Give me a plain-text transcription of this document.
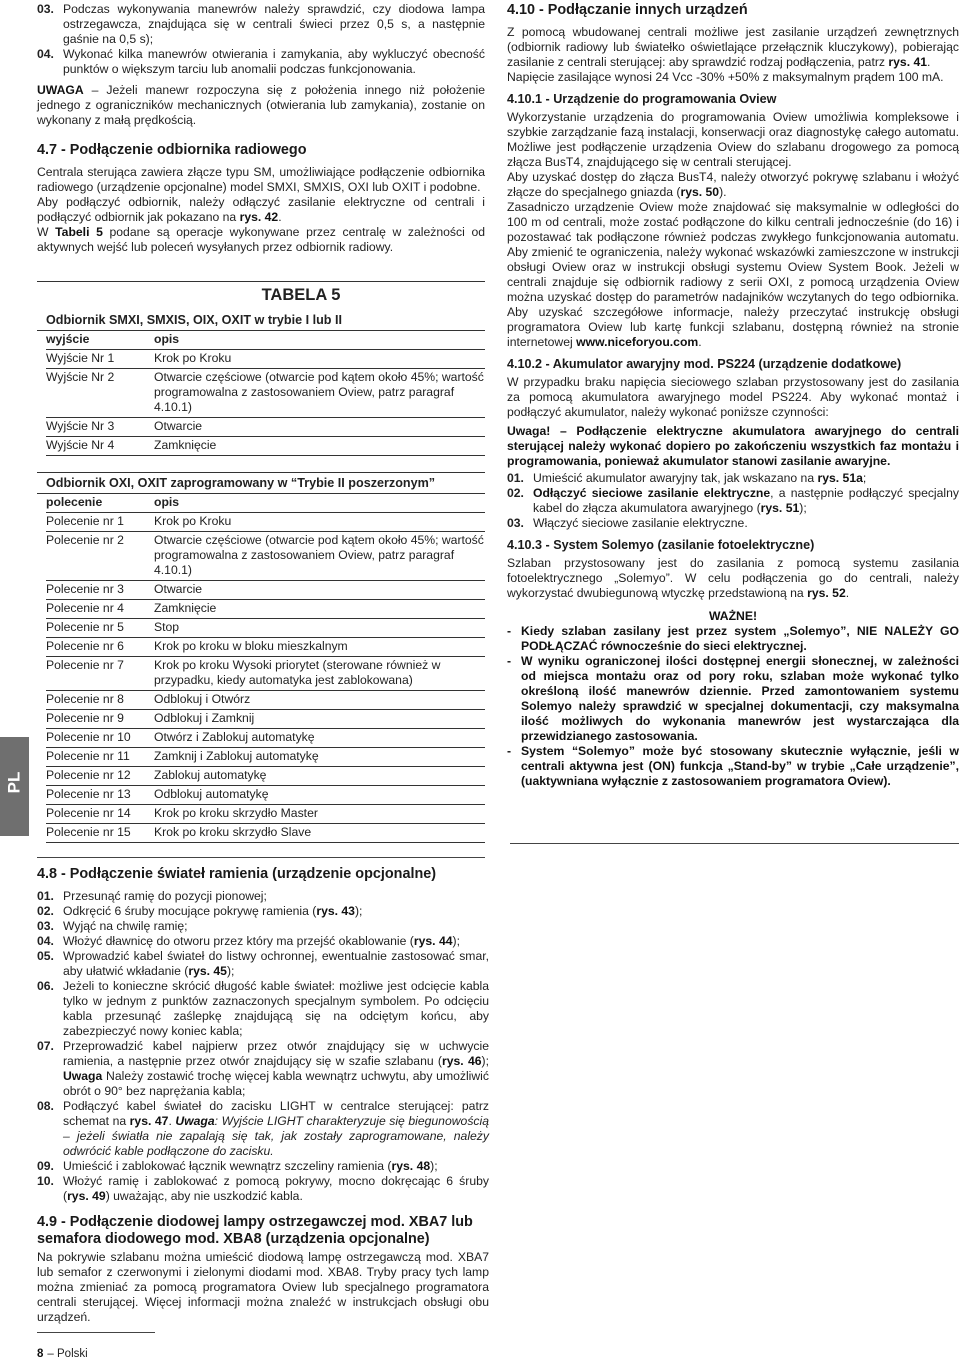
PL
03. Podczas wykonywania manewrów należy sprawdzić, czy diodowa lampa ostrzegawcza, znajdująca się w centrali świeci przez 0,5 s, a następnie gaśnie na 0,5 s);
04. Wykonać kilka manewrów otwierania i zamykania, aby wykluczyć obecność punktów o większym tarciu lub anomalii podczas funkcjonowania.

UWAGA – Jeżeli manewr rozpoczyna się z położenia innego niż położenie jednego z ograniczników mechanicznych (otwierania lub zamykania), zostanie on wykonany z małą prędkością.

4.7 - Podłączenie odbiornika radiowego

Centrala sterująca zawiera złącze typu SM, umożliwiające podłączenie odbiornika radiowego (urządzenie opcjonalne) model SMXI, SMXIS, OXI lub OXIT i podobne.

Aby podłączyć odbiornik, należy odłączyć zasilanie elektryczne od centrali i podłączyć odbiornik jak pokazano na rys. 42.

W Tabeli 5 podane są operacje wykonywane przez centralę w zależności od aktywnych wejść lub poleceń wysyłanych przez odbiornik radiowy.

TABELA 5
Odbiornik SMXI, SMXIS, OIX, OXIT w trybie I lub II
wyjście	opis
Wyjście Nr 1	Krok po Kroku
Wyjście Nr 2	Otwarcie częściowe (otwarcie pod kątem około 45%; wartość programowalna z zastosowaniem Oview, patrz paragraf 4.10.1)
Wyjście Nr 3	Otwarcie
Wyjście Nr 4	Zamknięcie
Odbiornik OXI, OXIT zaprogramowany w “Trybie II poszerzonym”
polecenie	opis
Polecenie nr 1	Krok po Kroku
Polecenie nr 2	Otwarcie częściowe (otwarcie pod kątem około 45%; wartość programowalna z zastosowaniem Oview, patrz paragraf 4.10.1)
Polecenie nr 3	Otwarcie
Polecenie nr 4	Zamknięcie
Polecenie nr 5	Stop
Polecenie nr 6	Krok po kroku w bloku mieszkalnym
Polecenie nr 7	Krok po kroku Wysoki priorytet (sterowane również w przypadku, kiedy automatyka jest zablokowana)
Polecenie nr 8	Odblokuj i Otwórz
Polecenie nr 9	Odblokuj i Zamknij
Polecenie nr 10	Otwórz i Zablokuj automatykę
Polecenie nr 11	Zamknij i Zablokuj automatykę
Polecenie nr 12	Zablokuj automatykę
Polecenie nr 13	Odblokuj automatykę
Polecenie nr 14	Krok po kroku skrzydło Master
Polecenie nr 15	Krok po kroku skrzydło Slave
4.10 - Podłączanie innych urządzeń

Z pomocą wbudowanej centrali możliwe jest zasilanie urządzeń zewnętrznych (odbiornik radiowy lub światełko oświetlające przełącznik kluczykowy), pobierając zasilanie z centrali sterującej: aby sprawdzić rodzaj podłączenia, patrz rys. 41.

Napięcie zasilające wynosi 24 Vcc -30% +50% z maksymalnym prądem 100 mA.

4.10.1 - Urządzenie do programowania Oview

Wykorzystanie urządzenia do programowania Oview umożliwia kompleksowe i szybkie zarządzanie fazą instalacji, konserwacji oraz diagnostykę całego automatu. Możliwe jest podłączenie urządzenia Oview do szlabanu drogowego za pomocą złącza BusT4, znajdującego się w centrali sterującej.

Aby uzyskać dostęp do złącza BusT4, należy otworzyć pokrywę szlabanu i włożyć złącze do specjalnego gniazda (rys. 50).

Zasadniczo urządzenie Oview może znajdować się maksymalnie w odległości do 100 m od centrali, może zostać podłączone do kilku centrali jednocześnie (do 16) i pozostawać tak podłączone również podczas zwykłego funkcjonowania automatu. Aby zmienić te ograniczenia, należy wykonać wskazówki zamieszczone w instrukcji obsługi Oview oraz w instrukcji obsługi systemu Oview System Book. Jeżeli w centrali znajduje się odbiornik radiowy z serii OXI, z pomocą urządzenia Oview można uzyskać dostęp do parametrów nadajników wczytanych do tego odbiornika. Aby uzyskać szczegółowe informacje, należy przeczytać instrukcję obsługi programatora Oview lub kartę funkcji szlabanu, dostępną również na stronie internetowej www.niceforyou.com.

4.10.2 - Akumulator awaryjny mod. PS224 (urządzenie dodatkowe)

W przypadku braku napięcia sieciowego szlaban przystosowany jest do zasilania za pomocą akumulatora awaryjnego model PS224. Aby wykonać montaż i podłączyć akumulator, należy wykonać poniższe czynności:

Uwaga! – Podłączenie elektryczne akumulatora awaryjnego do centrali sterującej należy wykonać dopiero po zakończeniu wszystkich faz montażu i programowania, ponieważ akumulator stanowi zasilanie awaryjne.

01. Umieścić akumulator awaryjny tak, jak wskazano na rys. 51a;
02. Odłączyć sieciowe zasilanie elektryczne, a następnie podłączyć specjalny kabel do złącza akumulatora awaryjnego (rys. 51);
03. Włączyć sieciowe zasilanie elektryczne.
4.10.3 - System Solemyo (zasilanie fotoelektryczne)

Szlaban przystosowany jest do zasilania z pomocą systemu zasilania fotoelektrycznego „Solemyo”. W celu podłączenia go do centrali, należy wykorzystać dwubiegunową wtyczkę przedstawioną na rys. 52.

WAŻNE!

- Kiedy szlaban zasilany jest przez system „Solemyo”, NIE NALEŻY GO PODŁĄCZAĆ równocześnie do sieci elektrycznej.
- W wyniku ograniczonej ilości dostępnej energii słonecznej, w zależności od miejsca montażu oraz od pory roku, szlaban może wykonać tylko określoną ilość manewrów dziennie. Przed zamontowaniem systemu Solemyo należy sprawdzić w specjalnej dokumentacji, czy maksymalna ilość możliwych do wykonania manewrów jest wystarczająca dla przewidzianego zastosowania.
- System “Solemyo” może być stosowany skutecznie wyłącznie, jeśli w centrali aktywna jest (ON) funkcja „Stand-by” w trybie „Całe urządzenie”, (uaktywniana wyłącznie z zastosowaniem programatora Oview).
4.8 - Podłączenie świateł ramienia (urządzenie opcjonalne)
01. Przesunąć ramię do pozycji pionowej;
02. Odkręcić 6 śruby mocujące pokrywę ramienia (rys. 43);
03. Wyjąć na chwilę ramię;
04. Włożyć dławnicę do otworu przez który ma przejść okablowanie (rys. 44);
05. Wprowadzić kabel świateł do listwy ochronnej, ewentualnie zastosować smar, aby ułatwić wkładanie (rys. 45);
06. Jeżeli to konieczne skrócić długość kable świateł: możliwe jest odcięcie kabla tylko w jednym z punktów zaznaczonych specjalnym symbolem. Po odcięciu kabla przesunąć zaślepkę znajdującą się na odciętym końcu, aby zabezpieczyć nowy koniec kabla;
07. Przeprowadzić kabel najpierw przez otwór znajdujący się w uchwycie ramienia, a następnie przez otwór znajdujący się w szafie szlabanu (rys. 46); Uwaga Należy zostawić trochę więcej kabla wewnątrz uchwytu, aby umożliwić obrót o 90° bez naprężania kabla;
08. Podłączyć kabel świateł do zacisku LIGHT w centralce sterującej: patrz schemat na rys. 47. Uwaga: Wyjście LIGHT charakteryzuje się biegunowością – jeżeli światła nie zapalają się tak, jak zostały zaprogramowane, należy odwrócić kable podłączone do zacisku.
09. Umieścić i zablokować łącznik wewnątrz szczeliny ramienia (rys. 48);
10. Włożyć ramię i zablokować z pomocą pokrywy, mocno dokręcając 6 śruby (rys. 49) uważając, aby nie uszkodzić kabla.
4.9 - Podłączenie diodowej lampy ostrzegawczej mod. XBA7 lub semafora diodowego mod. XBA8 (urządzenia opcjonalne)

Na pokrywie szlabanu można umieścić diodową lampę ostrzegawczą mod. XBA7 lub semafor z czerwonymi i zielonymi diodami mod. XBA8. Tryby pracy tych lamp można zmieniać za pomocą programatora Oview lub specjalnego programatora centrali sterującej. Więcej informacji można znaleźć w instrukcjach obsługi obu urządzeń.

8 – Polski
